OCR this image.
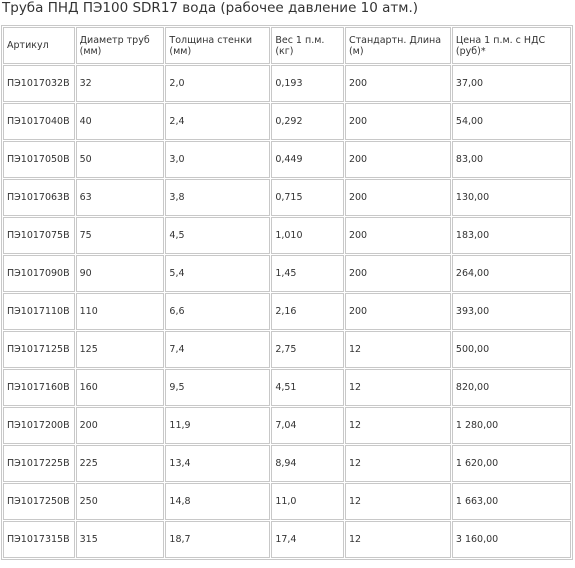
Труба ПНД ПЭ100 SDR17 вода (рабочее давление 10 атм.)
Артикул	Диаметр труб (мм)	Толщина стенки (мм)	Вес 1 п.м. (кг)	Стандартн. Длина (м)	Цена 1 п.м. с НДС (руб)*
ПЭ1017032В	32	2,0	0,193	200	37,00
ПЭ1017040В	40	2,4	0,292	200	54,00
ПЭ1017050В	50	3,0	0,449	200	83,00
ПЭ1017063В	63	3,8	0,715	200	130,00
ПЭ1017075В	75	4,5	1,010	200	183,00
ПЭ1017090В	90	5,4	1,45	200	264,00
ПЭ1017110В	110	6,6	2,16	200	393,00
ПЭ1017125В	125	7,4	2,75	12	500,00
ПЭ1017160В	160	9,5	4,51	12	820,00
ПЭ1017200В	200	11,9	7,04	12	1 280,00
ПЭ1017225В	225	13,4	8,94	12	1 620,00
ПЭ1017250В	250	14,8	11,0	12	1 663,00
ПЭ1017315В	315	18,7	17,4	12	3 160,00
